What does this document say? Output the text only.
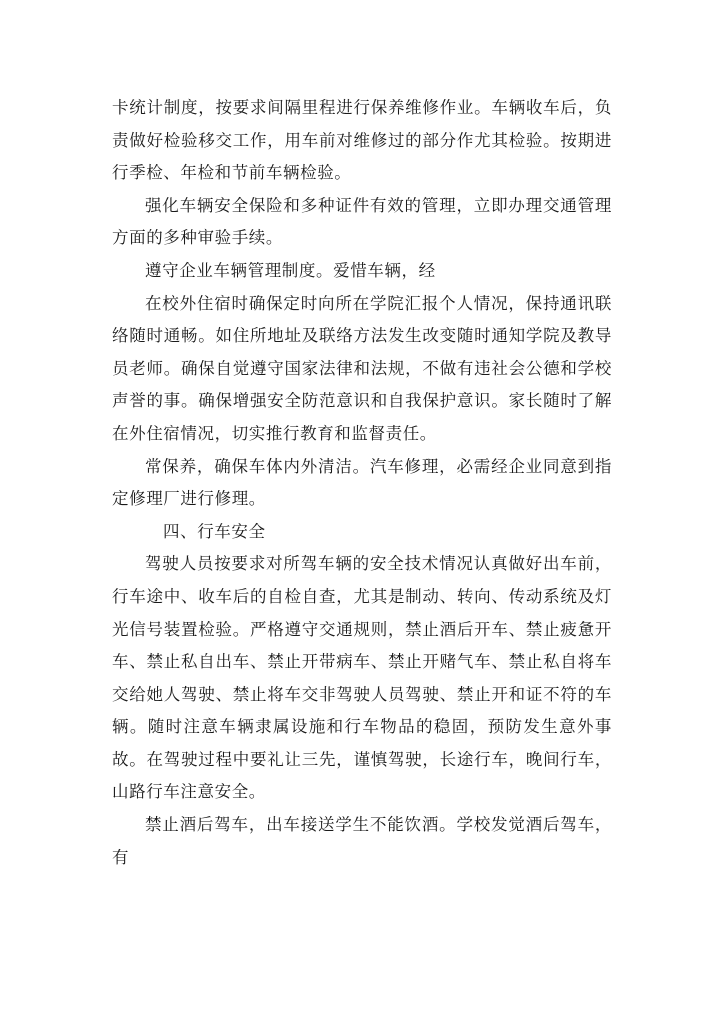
卡统计制度，按要求间隔里程进行保养维修作业。车辆收车后，负责做好检验移交工作，用车前对维修过的部分作尤其检验。按期进行季检、年检和节前车辆检验。

强化车辆安全保险和多种证件有效的管理，立即办理交通管理方面的多种审验手续。

遵守企业车辆管理制度。爱惜车辆，经

在校外住宿时确保定时向所在学院汇报个人情况，保持通讯联络随时通畅。如住所地址及联络方法发生改变随时通知学院及教导员老师。确保自觉遵守国家法律和法规，不做有违社会公德和学校声誉的事。确保增强安全防范意识和自我保护意识。家长随时了解在外住宿情况，切实推行教育和监督责任。

常保养，确保车体内外清洁。汽车修理，必需经企业同意到指定修理厂进行修理。

四、行车安全

驾驶人员按要求对所驾车辆的安全技术情况认真做好出车前，行车途中、收车后的自检自查，尤其是制动、转向、传动系统及灯光信号装置检验。严格遵守交通规则，禁止酒后开车、禁止疲惫开车、禁止私自出车、禁止开带病车、禁止开赌气车、禁止私自将车交给她人驾驶、禁止将车交非驾驶人员驾驶、禁止开和证不符的车辆。随时注意车辆隶属设施和行车物品的稳固，预防发生意外事故。在驾驶过程中要礼让三先，谨慎驾驶，长途行车，晚间行车，山路行车注意安全。

禁止酒后驾车，出车接送学生不能饮酒。学校发觉酒后驾车，有
